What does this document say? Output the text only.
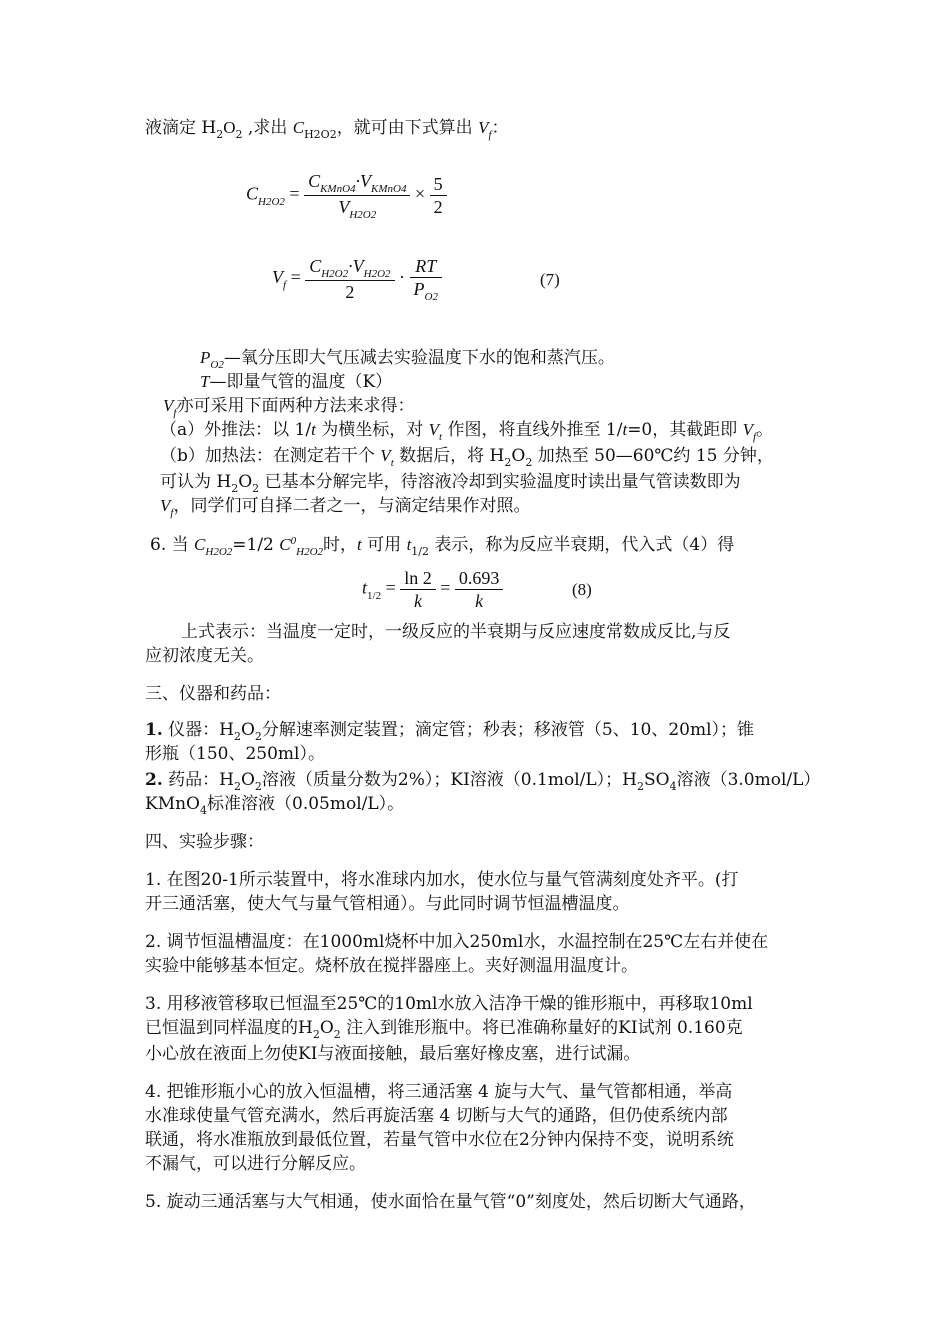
液滴定 $H_2O_2$ ,求出 $C_{H2O2}$，就可由下式算出 $V_f$：
$C_{H2O2} = \frac{C_{KMnO4}\cdot V_{KMnO4}}{V_{H2O2}} \times \frac{5}{2}$
$V_f = \frac{C_{H2O2}\cdot V_{H2O2}}{2} \cdot \frac{RT}{P_{O2}}$	(7)
$P_{O2}—$氧分压即大气压减去实验温度下水的饱和蒸汽压。
T—即量气管的温度（K）
$V_f$亦可采用下面两种方法来求得：
（a）外推法：以 1/t 为横坐标，对 $V_t$ 作图，将直线外推至 1/t=0，其截距即 $V_f$。
（b）加热法：在测定若干个 $V_t$ 数据后，将 $H_2O_2$ 加热至 50—60℃约 15 分钟，
可认为 $H_2O_2$ 已基本分解完毕，待溶液冷却到实验温度时读出量气管读数即为
$V_f$，同学们可自择二者之一，与滴定结果作对照。
6. 当 $C_{H2O2}=1/2$ $C^0_{H2O2}$时，t 可用 $t_{1/2}$ 表示，称为反应半衰期，代入式（4）得
$t_{1/2} = \frac{\ln 2}{k} = \frac{0.693}{k}$	(8)
上式表示：当温度一定时，一级反应的半衰期与反应速度常数成反比,与反
应初浓度无关。
三、仪器和药品：
1. 仪器：$H_2O_2$分解速率测定装置；滴定管；秒表；移液管（5、10、20ml）；锥
形瓶（150、250ml）。
2. 药品：$H_2O_2$溶液（质量分数为2%）；KI溶液（0.1mol/L）；$H_2SO_4$溶液（3.0mol/L）
KMnO$_4$标准溶液（0.05mol/L）。
四、实验步骤：
1. 在图20-1所示装置中，将水准球内加水，使水位与量气管满刻度处齐平。(打
开三通活塞，使大气与量气管相通）。与此同时调节恒温槽温度。
2. 调节恒温槽温度：在1000ml烧杯中加入250ml水，水温控制在25℃左右并使在
实验中能够基本恒定。烧杯放在搅拌器座上。夹好测温用温度计。
3. 用移液管移取已恒温至25℃的10ml水放入洁净干燥的锥形瓶中，再移取10ml
已恒温到同样温度的$H_2O_2$ 注入到锥形瓶中。将已准确称量好的KI试剂 0.160克
小心放在液面上勿使KI与液面接触，最后塞好橡皮塞，进行试漏。
4. 把锥形瓶小心的放入恒温槽，将三通活塞 4 旋与大气、量气管都相通，举高
水准球使量气管充满水，然后再旋活塞 4 切断与大气的通路，但仍使系统内部
联通，将水准瓶放到最低位置，若量气管中水位在2分钟内保持不变，说明系统
不漏气，可以进行分解反应。
5. 旋动三通活塞与大气相通，使水面恰在量气管“0”刻度处，然后切断大气通路，
